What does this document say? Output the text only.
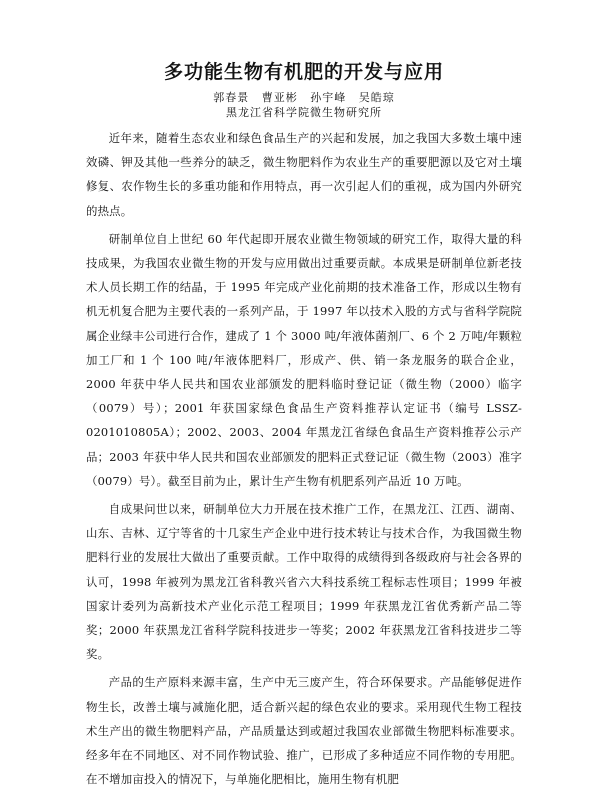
多功能生物有机肥的开发与应用
郭春景 曹亚彬 孙宇峰 吴皓琼
黑龙江省科学院微生物研究所

近年来，随着生态农业和绿色食品生产的兴起和发展，加之我国大多数土壤中速效磷、钾及其他一些养分的缺乏，微生物肥料作为农业生产的重要肥源以及它对土壤修复、农作物生长的多重功能和作用特点，再一次引起人们的重视，成为国内外研究的热点。

研制单位自上世纪 60 年代起即开展农业微生物领域的研究工作，取得大量的科技成果，为我国农业微生物的开发与应用做出过重要贡献。本成果是研制单位新老技术人员长期工作的结晶，于 1995 年完成产业化前期的技术准备工作，形成以生物有机无机复合肥为主要代表的一系列产品，于 1997 年以技术入股的方式与省科学院院属企业绿丰公司进行合作，建成了 1 个 3000 吨/年液体菌剂厂、6 个 2 万吨/年颗粒加工厂和 1 个 100 吨/年液体肥料厂，形成产、供、销一条龙服务的联合企业，2000 年获中华人民共和国农业部颁发的肥料临时登记证（微生物（2000）临字（0079）号）；2001 年获国家绿色食品生产资料推荐认定证书（编号 LSSZ-0201010805A）；2002、2003、2004 年黑龙江省绿色食品生产资料推荐公示产品；2003 年获中华人民共和国农业部颁发的肥料正式登记证（微生物（2003）准字（0079）号）。截至目前为止，累计生产生物有机肥系列产品近 10 万吨。

自成果问世以来，研制单位大力开展在技术推广工作，在黑龙江、江西、湖南、山东、吉林、辽宁等省的十几家生产企业中进行技术转让与技术合作，为我国微生物肥料行业的发展壮大做出了重要贡献。工作中取得的成绩得到各级政府与社会各界的认可，1998 年被列为黑龙江省科教兴省六大科技系统工程标志性项目；1999 年被国家计委列为高新技术产业化示范工程项目；1999 年获黑龙江省优秀新产品二等奖；2000 年获黑龙江省科学院科技进步一等奖；2002 年获黑龙江省科技进步二等奖。

产品的生产原料来源丰富，生产中无三废产生，符合环保要求。产品能够促进作物生长，改善土壤与减施化肥，适合新兴起的绿色农业的要求。采用现代生物工程技术生产出的微生物肥料产品，产品质量达到或超过我国农业部微生物肥料标准要求。经多年在不同地区、对不同作物试验、推广，已形成了多种适应不同作物的专用肥。在不增加亩投入的情况下，与单施化肥相比，施用生物有机肥
